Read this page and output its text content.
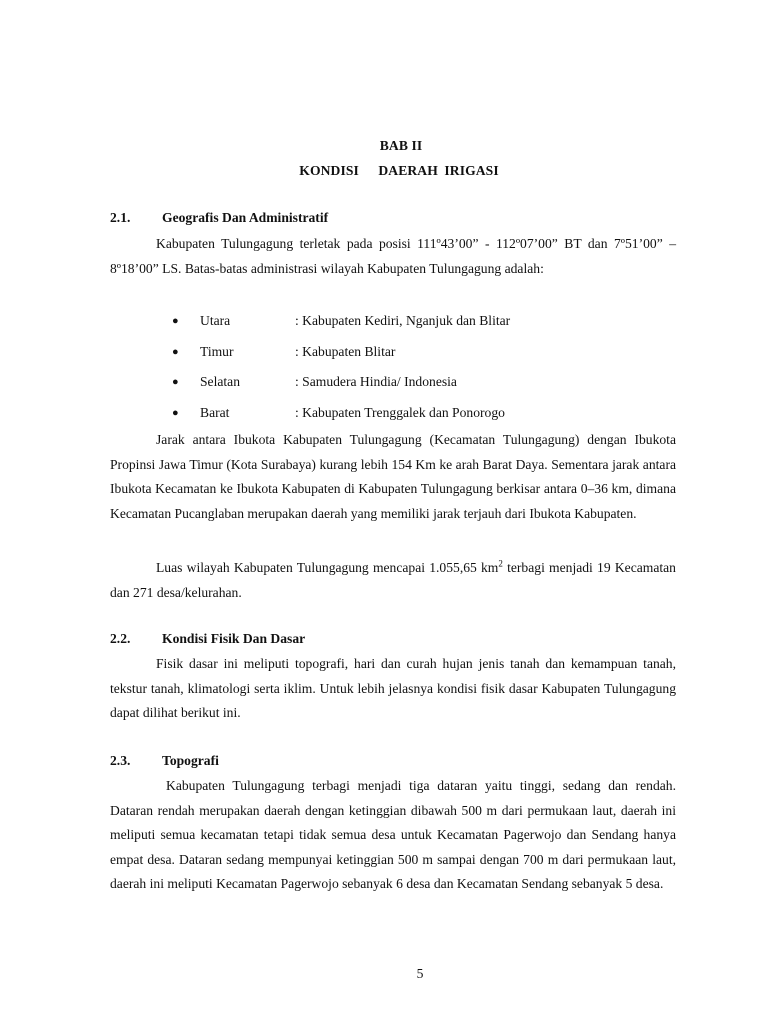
BAB II
KONDISI   DAERAH IRIGASI
2.1. Geografis Dan Administratif

Kabupaten Tulungagung terletak pada posisi 111º43’00” - 112º07’00” BT dan 7º51’00” – 8º18’00” LS. Batas-batas administrasi wilayah Kabupaten Tulungagung adalah:

● Utara	: Kabupaten Kediri, Nganjuk dan Blitar
● Timur	: Kabupaten Blitar
● Selatan	: Samudera Hindia/ Indonesia
● Barat	: Kabupaten Trenggalek dan Ponorogo

Jarak antara Ibukota Kabupaten Tulungagung (Kecamatan Tulungagung) dengan Ibukota Propinsi Jawa Timur (Kota Surabaya) kurang lebih 154 Km ke arah Barat Daya. Sementara jarak antara Ibukota Kecamatan ke Ibukota Kabupaten di Kabupaten Tulungagung berkisar antara 0–36 km, dimana Kecamatan Pucanglaban merupakan daerah yang memiliki jarak terjauh dari Ibukota Kabupaten.

Luas wilayah Kabupaten Tulungagung mencapai 1.055,65 $km^2$ terbagi menjadi 19 Kecamatan dan 271 desa/kelurahan.

2.2. Kondisi Fisik Dan Dasar

Fisik dasar ini meliputi topografi, hari dan curah hujan jenis tanah dan kemampuan tanah, tekstur tanah, klimatologi serta iklim. Untuk lebih jelasnya kondisi fisik dasar Kabupaten Tulungagung dapat dilihat berikut ini.

2.3. Topografi

Kabupaten Tulungagung terbagi menjadi tiga dataran yaitu tinggi, sedang dan rendah. Dataran rendah merupakan daerah dengan ketinggian dibawah 500 m dari permukaan laut, daerah ini meliputi semua kecamatan tetapi tidak semua desa untuk Kecamatan Pagerwojo dan Sendang hanya empat desa. Dataran sedang mempunyai ketinggian 500 m sampai dengan 700 m dari permukaan laut, daerah ini meliputi Kecamatan Pagerwojo sebanyak 6 desa dan Kecamatan Sendang sebanyak 5 desa.

5
